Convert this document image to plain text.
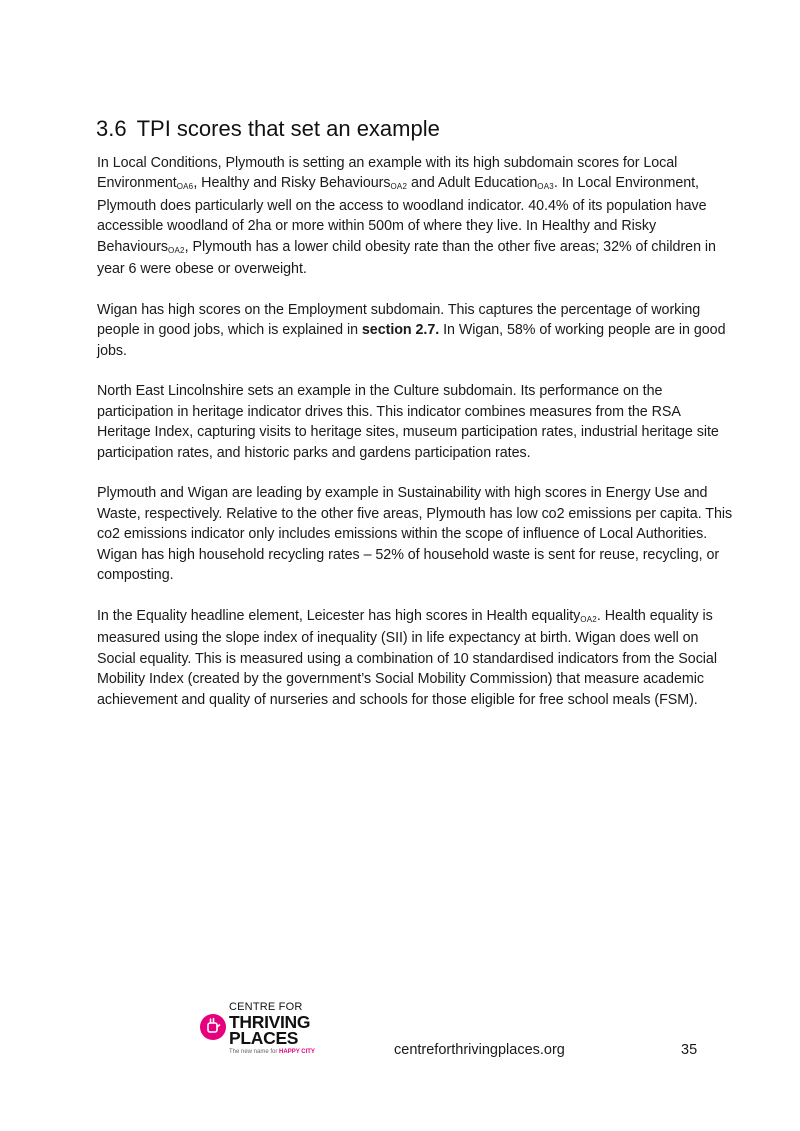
3.6 TPI scores that set an example

In Local Conditions, Plymouth is setting an example with its high subdomain scores for Local EnvironmentOA6, Healthy and Risky BehavioursOA2 and Adult EducationOA3. In Local Environment, Plymouth does particularly well on the access to woodland indicator. 40.4% of its population have accessible woodland of 2ha or more within 500m of where they live. In Healthy and Risky BehavioursOA2, Plymouth has a lower child obesity rate than the other five areas; 32% of children in year 6 were obese or overweight.

Wigan has high scores on the Employment subdomain. This captures the percentage of working people in good jobs, which is explained in section 2.7. In Wigan, 58% of working people are in good jobs.

North East Lincolnshire sets an example in the Culture subdomain. Its performance on the participation in heritage indicator drives this. This indicator combines measures from the RSA Heritage Index, capturing visits to heritage sites, museum participation rates, industrial heritage site participation rates, and historic parks and gardens participation rates.

Plymouth and Wigan are leading by example in Sustainability with high scores in Energy Use and Waste, respectively. Relative to the other five areas, Plymouth has low co2 emissions per capita. This co2 emissions indicator only includes emissions within the scope of influence of Local Authorities. Wigan has high household recycling rates – 52% of household waste is sent for reuse, recycling, or composting.

In the Equality headline element, Leicester has high scores in Health equalityOA2. Health equality is measured using the slope index of inequality (SII) in life expectancy at birth. Wigan does well on Social equality. This is measured using a combination of 10 standardised indicators from the Social Mobility Index (created by the government’s Social Mobility Commission) that measure academic achievement and quality of nurseries and schools for those eligible for free school meals (FSM).

CENTRE FOR
THRIVING
PLACES
The new name for HAPPY CITY	centreforthrivingplaces.org	35
